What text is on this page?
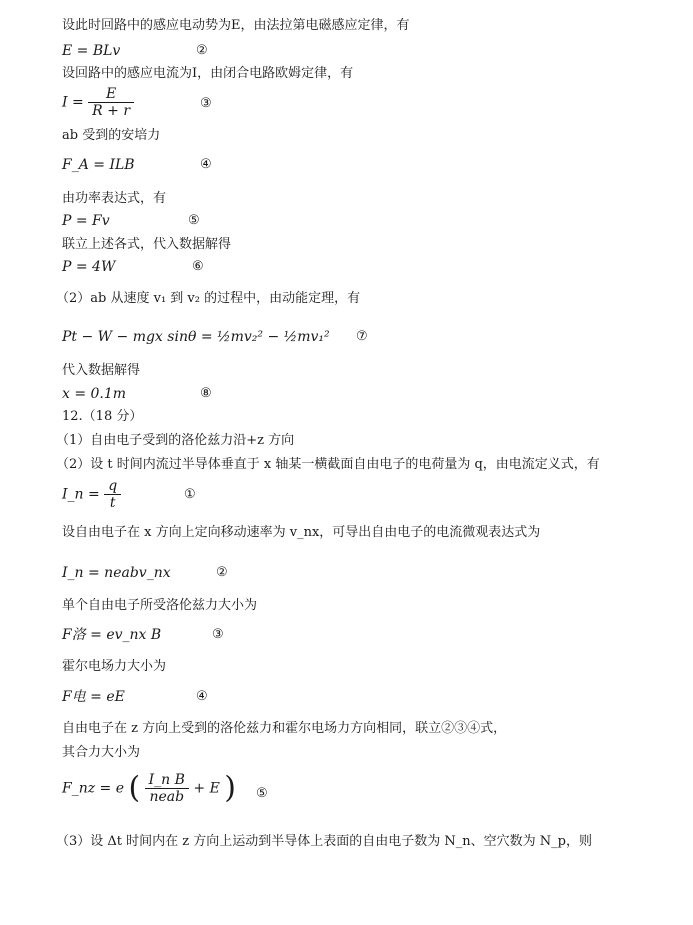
设此时回路中的感应电动势为E，由法拉第电磁感应定律，有
E = BLv	②
设回路中的感应电流为I，由闭合电路欧姆定律，有
$I = \frac{E}{R + r}$	③
ab 受到的安培力
F_A = ILB	④
由功率表达式，有
P = Fv	⑤
联立上述各式，代入数据解得
P = 4W	⑥
（2）ab 从速度 v₁ 到 v₂ 的过程中，由动能定理，有
Pt − W − mgx sinθ = ½mv₂² − ½mv₁² ⑦
代入数据解得
x = 0.1m	⑧
12.（18 分）
（1）自由电子受到的洛伦兹力沿+z 方向
（2）设 t 时间内流过半导体垂直于 x 轴某一横截面自由电子的电荷量为 q，由电流定义式，有
I_n = $\frac{q}{t}$	①
设自由电子在 x 方向上定向移动速率为 v_nx，可导出自由电子的电流微观表达式为
I_n = neabv_nx	②
单个自由电子所受洛伦兹力大小为
F洛 = ev_nx B	③
霍尔电场力大小为
F电 = eE	④
自由电子在 z 方向上受到的洛伦兹力和霍尔电场力方向相同，联立②③④式，
其合力大小为
F_nz = e ( $\frac{\text{I\_n B}}{\text{neab}} + E$ ) ⑤
（3）设 Δt 时间内在 z 方向上运动到半导体上表面的自由电子数为 N_n、空穴数为 N_p，则
